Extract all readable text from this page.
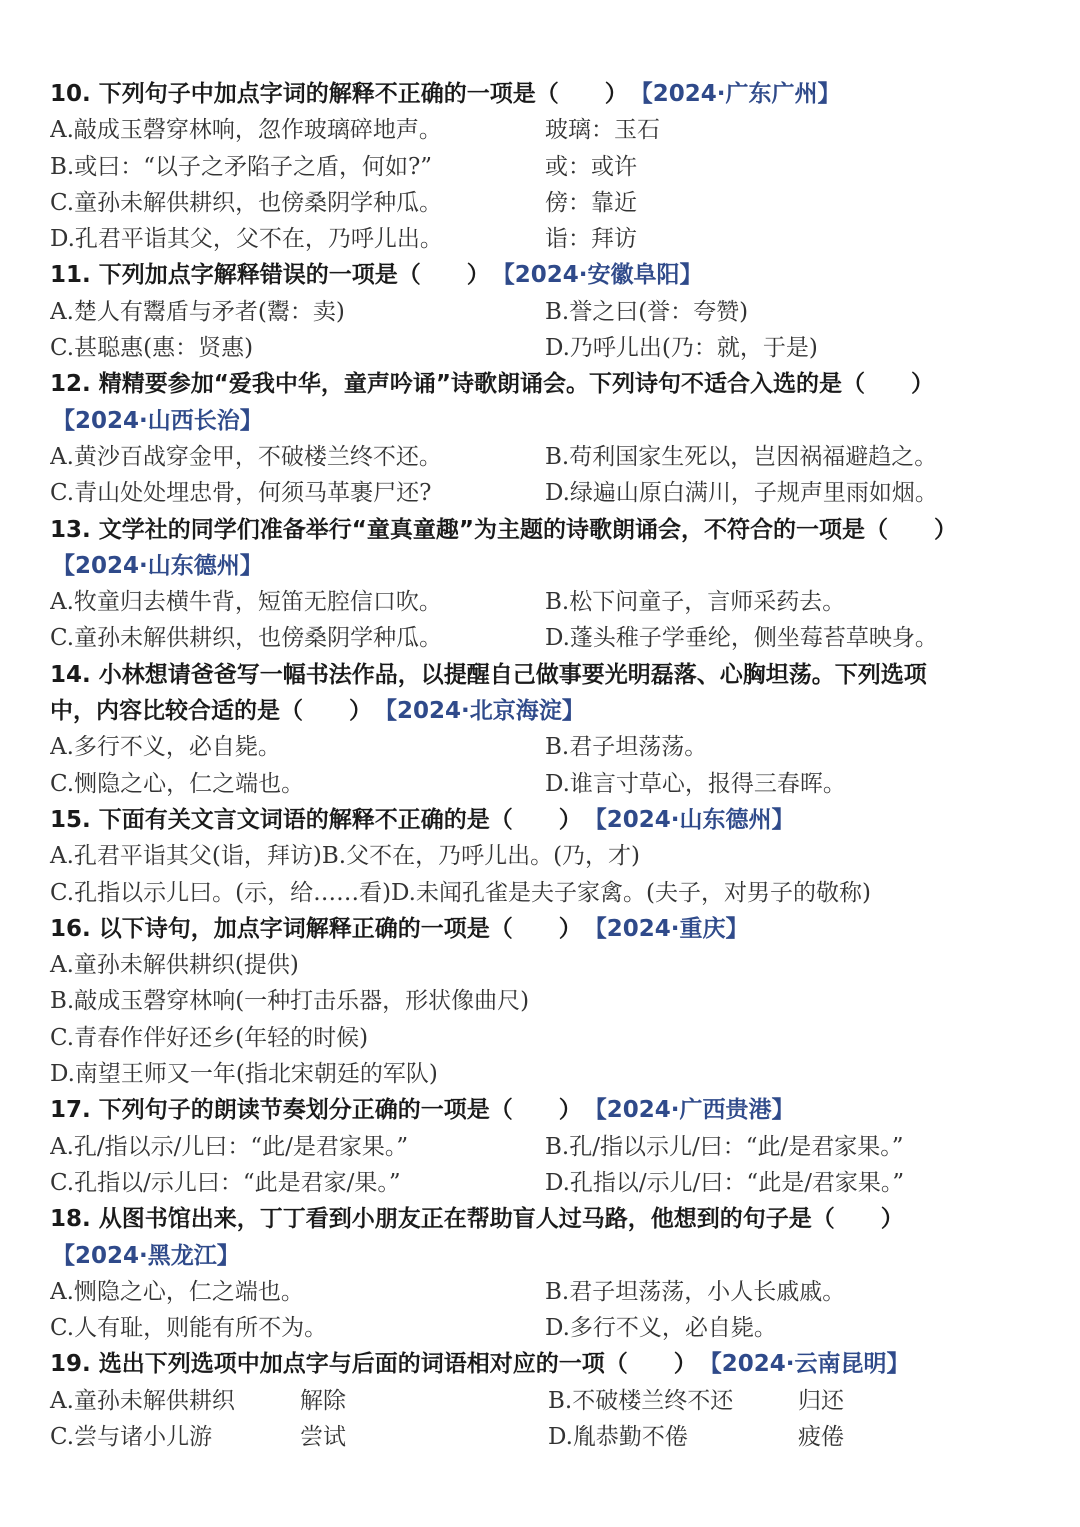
10. 下列句子中加点字词的解释不正确的一项是（　　） 【2024·广东广州】
A.敲成玉磬穿林响，忽作玻璃碎地声。	玻璃：玉石
B.或曰：“以子之矛陷子之盾，何如?”	或：或许
C.童孙未解供耕织，也傍桑阴学种瓜。	傍：靠近
D.孔君平诣其父，父不在，乃呼儿出。	诣：拜访
11. 下列加点字解释错误的一项是（　　） 【2024·安徽阜阳】
A.楚人有鬻盾与矛者(鬻：卖)	B.誉之曰(誉：夸赞)
C.甚聪惠(惠：贤惠)	D.乃呼儿出(乃：就，于是)
12. 精精要参加“爱我中华，童声吟诵”诗歌朗诵会。下列诗句不适合入选的是（　　）
【2024·山西长治】
A.黄沙百战穿金甲，不破楼兰终不还。	B.苟利国家生死以，岂因祸福避趋之。
C.青山处处埋忠骨，何须马革裹尸还?	D.绿遍山原白满川，子规声里雨如烟。
13. 文学社的同学们准备举行“童真童趣”为主题的诗歌朗诵会，不符合的一项是（　　）
【2024·山东德州】
A.牧童归去横牛背，短笛无腔信口吹。	B.松下问童子，言师采药去。
C.童孙未解供耕织，也傍桑阴学种瓜。	D.蓬头稚子学垂纶，侧坐莓苔草映身。
14. 小林想请爸爸写一幅书法作品，以提醒自己做事要光明磊落、心胸坦荡。下列选项
中，内容比较合适的是（　　） 【2024·北京海淀】
A.多行不义，必自毙。	B.君子坦荡荡。
C.恻隐之心，仁之端也。	D.谁言寸草心，报得三春晖。
15. 下面有关文言文词语的解释不正确的是（　　） 【2024·山东德州】
A.孔君平诣其父(诣，拜访)B.父不在，乃呼儿出。(乃，才)
C.孔指以示儿曰。(示，给……看)D.未闻孔雀是夫子家禽。(夫子，对男子的敬称)
16. 以下诗句，加点字词解释正确的一项是（　　） 【2024·重庆】
A.童孙未解供耕织(提供)
B.敲成玉磬穿林响(一种打击乐器，形状像曲尺)
C.青春作伴好还乡(年轻的时候)
D.南望王师又一年(指北宋朝廷的军队)
17. 下列句子的朗读节奏划分正确的一项是（　　） 【2024·广西贵港】
A.孔/指以示/儿曰：“此/是君家果。”	B.孔/指以示儿/曰：“此/是君家果。”
C.孔指以/示儿曰：“此是君家/果。”	D.孔指以/示儿/曰：“此是/君家果。”
18. 从图书馆出来，丁丁看到小朋友正在帮助盲人过马路，他想到的句子是（　　）
【2024·黑龙江】
A.恻隐之心，仁之端也。	B.君子坦荡荡，小人长戚戚。
C.人有耻，则能有所不为。	D.多行不义，必自毙。
19. 选出下列选项中加点字与后面的词语相对应的一项（　　） 【2024·云南昆明】
A.童孙未解供耕织	解除	B.不破楼兰终不还	归还
C.尝与诸小儿游	尝试	D.胤恭勤不倦	疲倦
